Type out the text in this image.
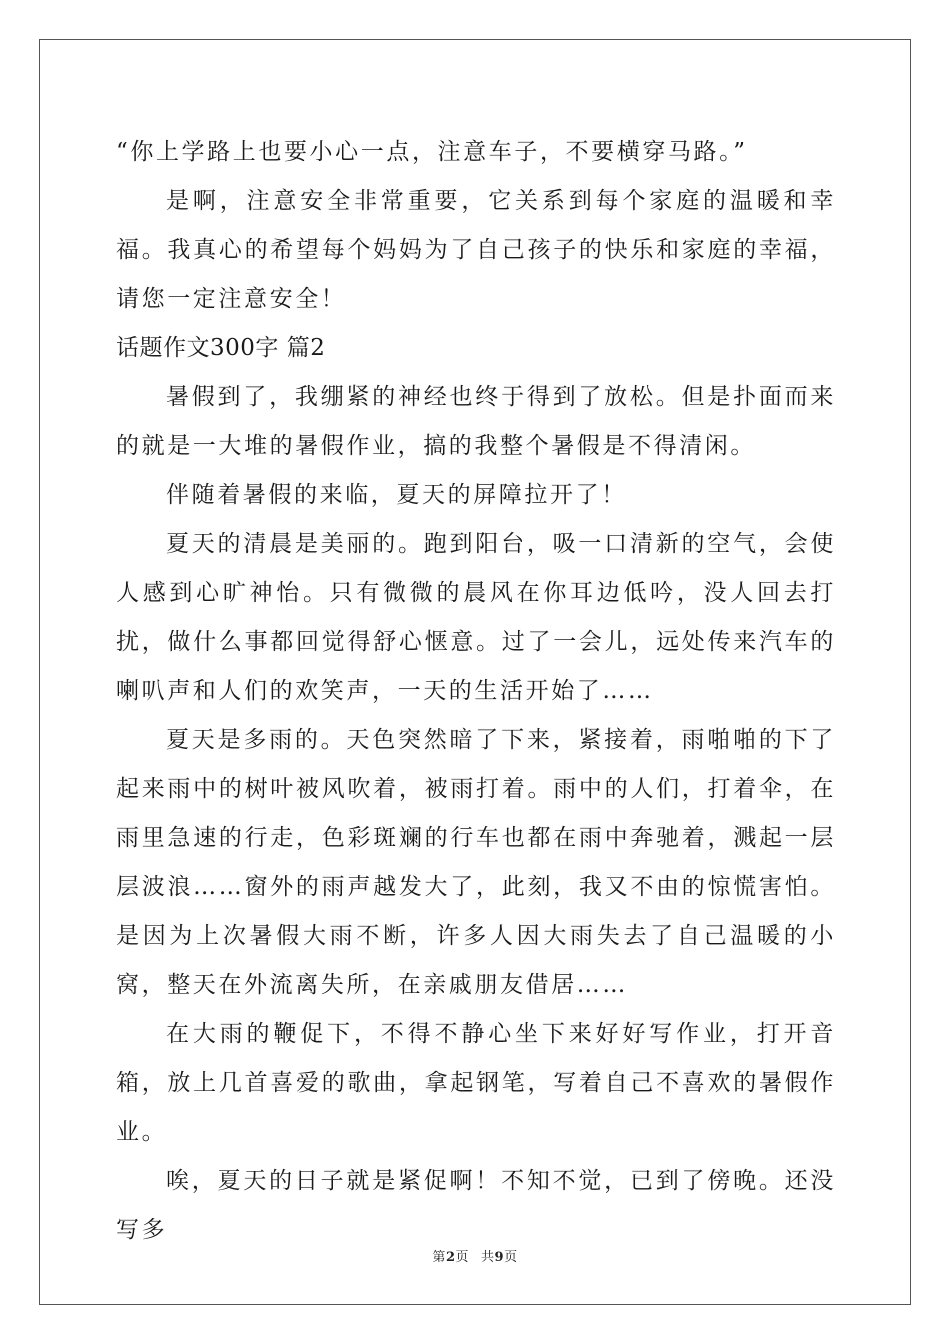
“你上学路上也要小心一点，注意车子，不要横穿马路。”

是啊，注意安全非常重要，它关系到每个家庭的温暖和幸福。我真心的希望每个妈妈为了自己孩子的快乐和家庭的幸福，请您一定注意安全！

话题作文300字 篇2

暑假到了，我绷紧的神经也终于得到了放松。但是扑面而来的就是一大堆的暑假作业，搞的我整个暑假是不得清闲。

伴随着暑假的来临，夏天的屏障拉开了！

夏天的清晨是美丽的。跑到阳台，吸一口清新的空气，会使人感到心旷神怡。只有微微的晨风在你耳边低吟，没人回去打扰，做什么事都回觉得舒心惬意。过了一会儿，远处传来汽车的喇叭声和人们的欢笑声，一天的生活开始了……

夏天是多雨的。天色突然暗了下来，紧接着，雨啪啪的下了起来雨中的树叶被风吹着，被雨打着。雨中的人们，打着伞，在雨里急速的行走，色彩斑斓的行车也都在雨中奔驰着，溅起一层层波浪……窗外的雨声越发大了，此刻，我又不由的惊慌害怕。是因为上次暑假大雨不断，许多人因大雨失去了自己温暖的小窝，整天在外流离失所，在亲戚朋友借居……

在大雨的鞭促下，不得不静心坐下来好好写作业，打开音箱，放上几首喜爱的歌曲，拿起钢笔，写着自己不喜欢的暑假作业。

唉，夏天的日子就是紧促啊！不知不觉，已到了傍晚。还没写多

第2页 共9页
